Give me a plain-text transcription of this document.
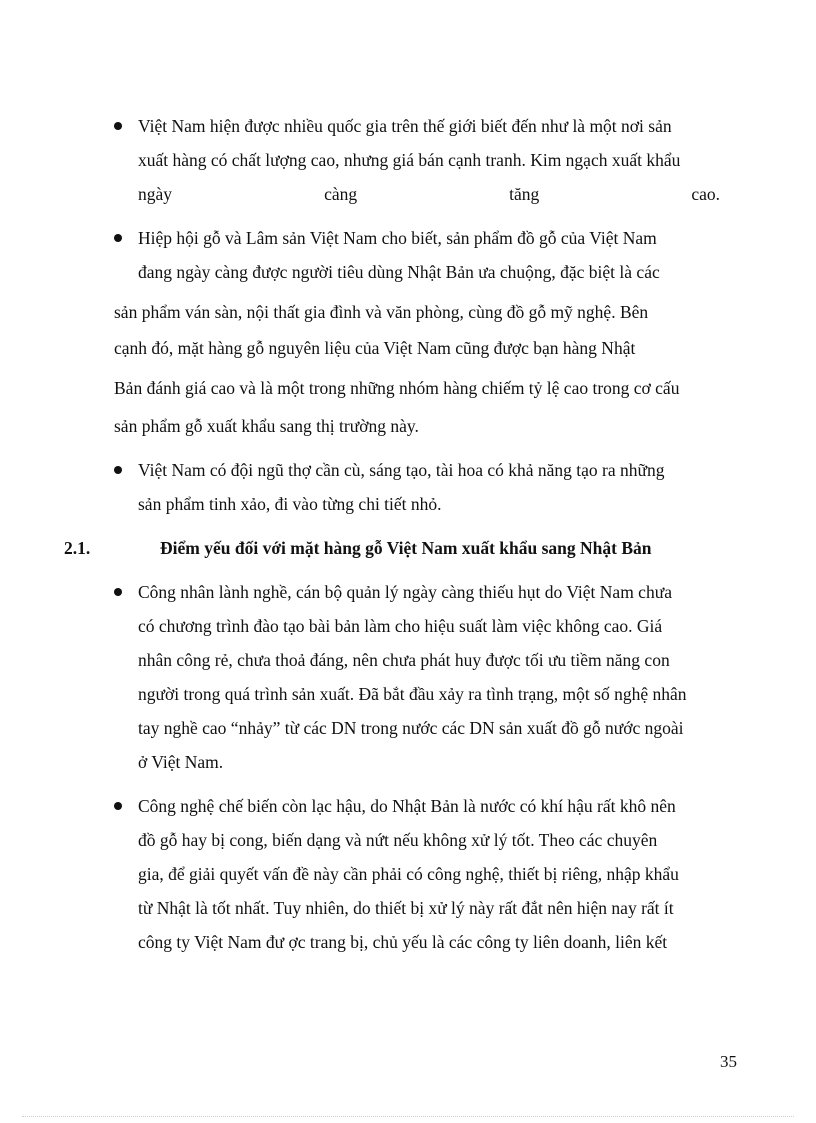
Việt Nam hiện được nhiều quốc gia trên thế giới biết đến như là một nơi sản
xuất hàng có chất lượng cao, nhưng giá bán cạnh tranh. Kim ngạch xuất khẩu
ngày	càng	tăng	cao.
Hiệp hội gỗ và Lâm sản Việt Nam cho biết, sản phẩm đồ gỗ của Việt Nam
đang ngày càng được người tiêu dùng Nhật Bản ưa chuộng, đặc biệt là các
sản phẩm ván sàn, nội thất gia đình và văn phòng, cùng đồ gỗ mỹ nghệ. Bên
cạnh đó, mặt hàng gỗ nguyên liệu của Việt Nam cũng được bạn hàng Nhật
Bản đánh giá cao và là một trong những nhóm hàng chiếm tỷ lệ cao trong cơ cấu
sản phẩm gỗ xuất khẩu sang thị trường này.
Việt Nam có đội ngũ thợ cần cù, sáng tạo, tài hoa có khả năng tạo ra những
sản phẩm tinh xảo, đi vào từng chi tiết nhỏ.
2.1.	Điểm yếu đối với mặt hàng gỗ Việt Nam xuất khẩu sang Nhật Bản
Công nhân lành nghề, cán bộ quản lý ngày càng thiếu hụt do Việt Nam chưa
có chương trình đào tạo bài bản làm cho hiệu suất làm việc không cao. Giá
nhân công rẻ, chưa thoả đáng, nên chưa phát huy được tối ưu tiềm năng con
người trong quá trình sản xuất. Đã bắt đầu xảy ra tình trạng, một số nghệ nhân
tay nghề cao “nhảy” từ các DN trong nước các DN sản xuất đồ gỗ nước ngoài
ở Việt Nam.
Công nghệ chế biến còn lạc hậu, do Nhật Bản là nước có khí hậu rất khô nên
đồ gỗ hay bị cong, biến dạng và nứt nếu không xử lý tốt. Theo các chuyên
gia, để giải quyết vấn đề này cần phải có công nghệ, thiết bị riêng, nhập khẩu
từ Nhật là tốt nhất. Tuy nhiên, do thiết bị xử lý này rất đắt nên hiện nay rất ít
công ty Việt Nam đư ợc trang bị, chủ yếu là các công ty liên doanh, liên kết
35
